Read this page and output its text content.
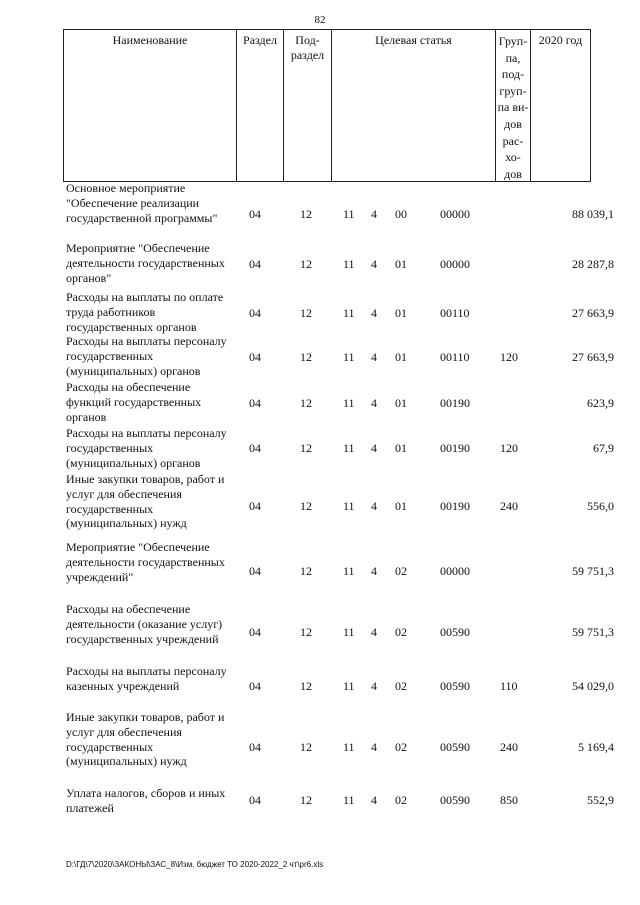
82
Наименование	Раздел	Под-
раздел
Целевая статья	Груп-
па,
под-
груп-
па ви-
дов
рас-
хо-
дов
2020 год
Основное мероприятие "Обеспечение реализации государственной программы"	04	12	11 4 00	00000	88 039,1
Мероприятие "Обеспечение деятельности государственных органов"
04	12	11 4 01	00000	28 287,8
Расходы на выплаты по оплате труда работников государственных органов
04	12	11 4 01	00110	27 663,9
Расходы на выплаты персоналу государственных (муниципальных) органов
04	12	11 4 01	00110	120	27 663,9
Расходы на обеспечение функций государственных органов
04	12	11 4 01	00190	623,9
Расходы на выплаты персоналу государственных (муниципальных) органов
04	12	11 4 01	00190	120	67,9
Иные закупки товаров, работ и услуг для обеспечения государственных (муниципальных) нужд
04	12	11 4 01	00190	240	556,0
Мероприятие "Обеспечение деятельности государственных учреждений"	04	12	11 4 02	00000	59 751,3
Расходы на обеспечение деятельности (оказание услуг) государственных учреждений	04	12	11 4 02	00590	59 751,3
Расходы на выплаты персоналу казенных учреждений	04	12	11 4 02	00590	110	54 029,0
Иные закупки товаров, работ и услуг для обеспечения государственных (муниципальных) нужд
04	12	11 4 02	00590	240	5 169,4
Уплата налогов, сборов и иных платежей
04	12	11 4 02	00590	850	552,9
D:\ГД\7\2020\ЗАКОНЫ\ЗАС_8\Изм. бюджет ТО 2020-2022_2 чт\pr6.xls
